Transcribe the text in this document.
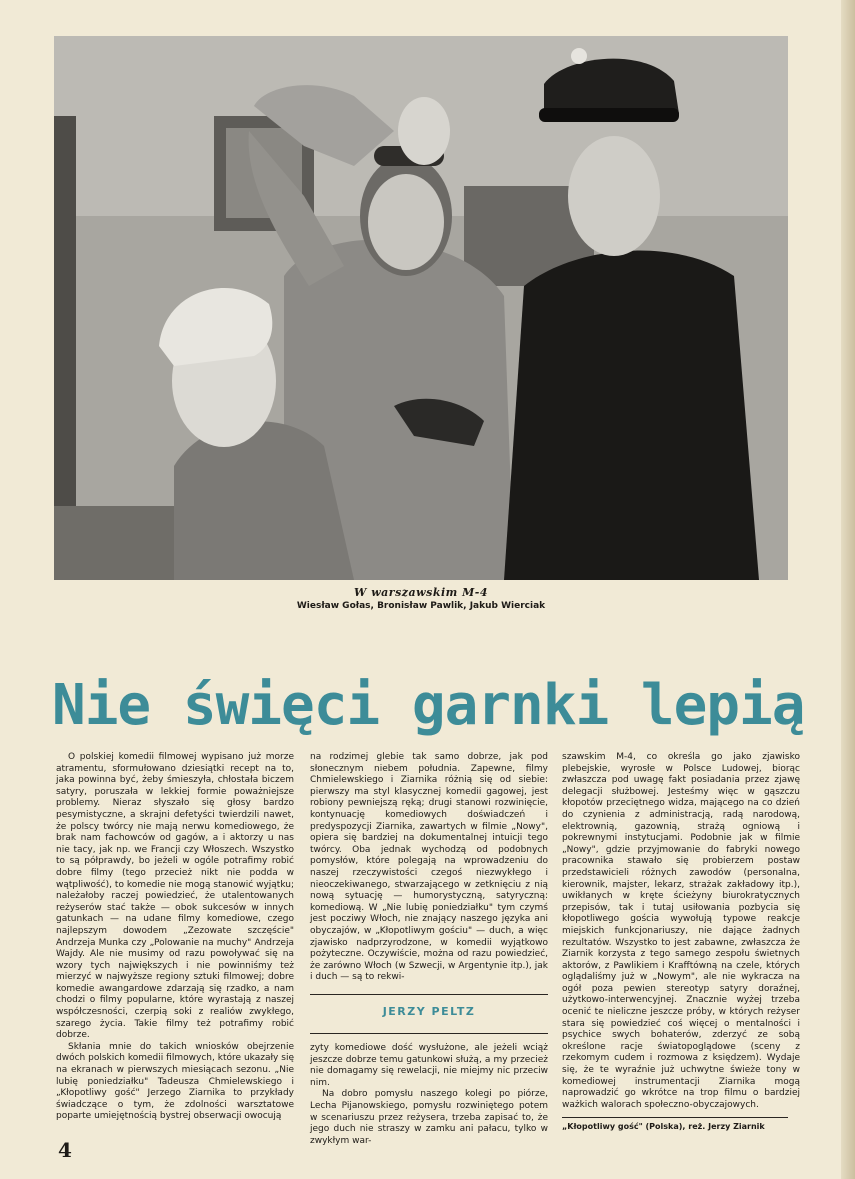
W warszawskim M-4
Wiesław Gołas, Bronisław Pawlik, Jakub Wierciak
Nie święci garnki lepią

O polskiej komedii filmowej wypisano już morze atramentu, sformułowano dziesiątki recept na to, jaka powinna być, żeby śmieszyła, chłostała biczem satyry, poruszała w lekkiej formie poważniejsze problemy. Nieraz słyszało się głosy bardzo pesymistyczne, a skrajni defetyści twierdzili nawet, że polscy twórcy nie mają nerwu komediowego, że brak nam fachowców od gagów, a i aktorzy u nas nie tacy, jak np. we Francji czy Włoszech. Wszystko to są półprawdy, bo jeżeli w ogóle potrafimy robić dobre filmy (tego przecież nikt nie podda w wątpliwość), to komedie nie mogą stanowić wyjątku; należałoby raczej powiedzieć, że utalentowanych reżyserów stać także — obok sukcesów w innych gatunkach — na udane filmy komediowe, czego najlepszym dowodem „Zezowate szczęście" Andrzeja Munka czy „Polowanie na muchy" Andrzeja Wajdy. Ale nie musimy od razu powoływać się na wzory tych największych i nie powinniśmy też mierzyć w najwyższe regiony sztuki filmowej; dobre komedie awangardowe zdarzają się rzadko, a nam chodzi o filmy popularne, które wyrastają z naszej współczesności, czerpią soki z realiów zwykłego, szarego życia. Takie filmy też potrafimy robić dobrze.

Skłania mnie do takich wniosków obejrzenie dwóch polskich komedii filmowych, które ukazały się na ekranach w pierwszych miesiącach sezonu. „Nie lubię poniedziałku" Tadeusza Chmielewskiego i „Kłopotliwy gość" Jerzego Ziarnika to przykłady świadczące o tym, że zdolności warsztatowe poparte umiejętnością bystrej obserwacji owocują

na rodzimej glebie tak samo dobrze, jak pod słonecznym niebem południa. Zapewne, filmy Chmielewskiego i Ziarnika różnią się od siebie: pierwszy ma styl klasycznej komedii gagowej, jest robiony pewniejszą ręką; drugi stanowi rozwinięcie, kontynuację komediowych doświadczeń i predyspozycji Ziarnika, zawartych w filmie „Nowy", opiera się bardziej na dokumentalnej intuicji tego twórcy. Oba jednak wychodzą od podobnych pomysłów, które polegają na wprowadzeniu do naszej rzeczywistości czegoś niezwykłego i nieoczekiwanego, stwarzającego w zetknięciu z nią nową sytuację — humorystyczną, satyryczną: komediową. W „Nie lubię poniedziałku" tym czymś jest pocziwy Włoch, nie znający naszego języka ani obyczajów, w „Kłopotliwym gościu" — duch, a więc zjawisko nadprzyrodzone, w komedii wyjątkowo pożyteczne. Oczywiście, można od razu powiedzieć, że zarówno Włoch (w Szwecji, w Argentynie itp.), jak i duch — są to rekwi-

JERZY PELTZ

zyty komediowe dość wysłużone, ale jeżeli wciąż jeszcze dobrze temu gatunkowi służą, a my przecież nie domagamy się rewelacji, nie miejmy nic przeciw nim.

Na dobro pomysłu naszego kolegi po piórze, Lecha Pijanowskiego, pomysłu rozwiniętego potem w scenariuszu przez reżysera, trzeba zapisać to, że jego duch nie straszy w zamku ani pałacu, tylko w zwykłym war-

szawskim M-4, co określa go jako zjawisko plebejskie, wyrosłe w Polsce Ludowej, biorąc zwłaszcza pod uwagę fakt posiadania przez zjawę delegacji służbowej. Jesteśmy więc w gąszczu kłopotów przeciętnego widza, mającego na co dzień do czynienia z administracją, radą narodową, elektrownią, gazownią, strażą ogniową i pokrewnymi instytucjami. Podobnie jak w filmie „Nowy", gdzie przyjmowanie do fabryki nowego pracownika stawało się probierzem postaw przedstawicieli różnych zawodów (personalna, kierownik, majster, lekarz, strażak zakładowy itp.), uwikłanych w kręte ścieżyny biurokratycznych przepisów, tak i tutaj usiłowania pozbycia się kłopotliwego gościa wywołują typowe reakcje miejskich funkcjonariuszy, nie dające żadnych rezultatów. Wszystko to jest zabawne, zwłaszcza że Ziarnik korzysta z tego samego zespołu świetnych aktorów, z Pawlikiem i Krafftówną na czele, których oglądaliśmy już w „Nowym", ale nie wykracza na ogół poza pewien stereotyp satyry doraźnej, użytkowo-interwencyjnej. Znacznie wyżej trzeba ocenić te nieliczne jeszcze próby, w których reżyser stara się powiedzieć coś więcej o mentalności i psychice swych bohaterów, zderzyć ze sobą określone racje światopoglądowe (sceny z rzekomym cudem i rozmowa z księdzem). Wydaje się, że te wyraźnie już uchwytne świeże tony w komediowej instrumentacji Ziarnika mogą naprowadzić go wkrótce na trop filmu o bardziej ważkich walorach społeczno-obyczajowych.

„Kłopotliwy gość" (Polska), reż. Jerzy Ziarnik
4
